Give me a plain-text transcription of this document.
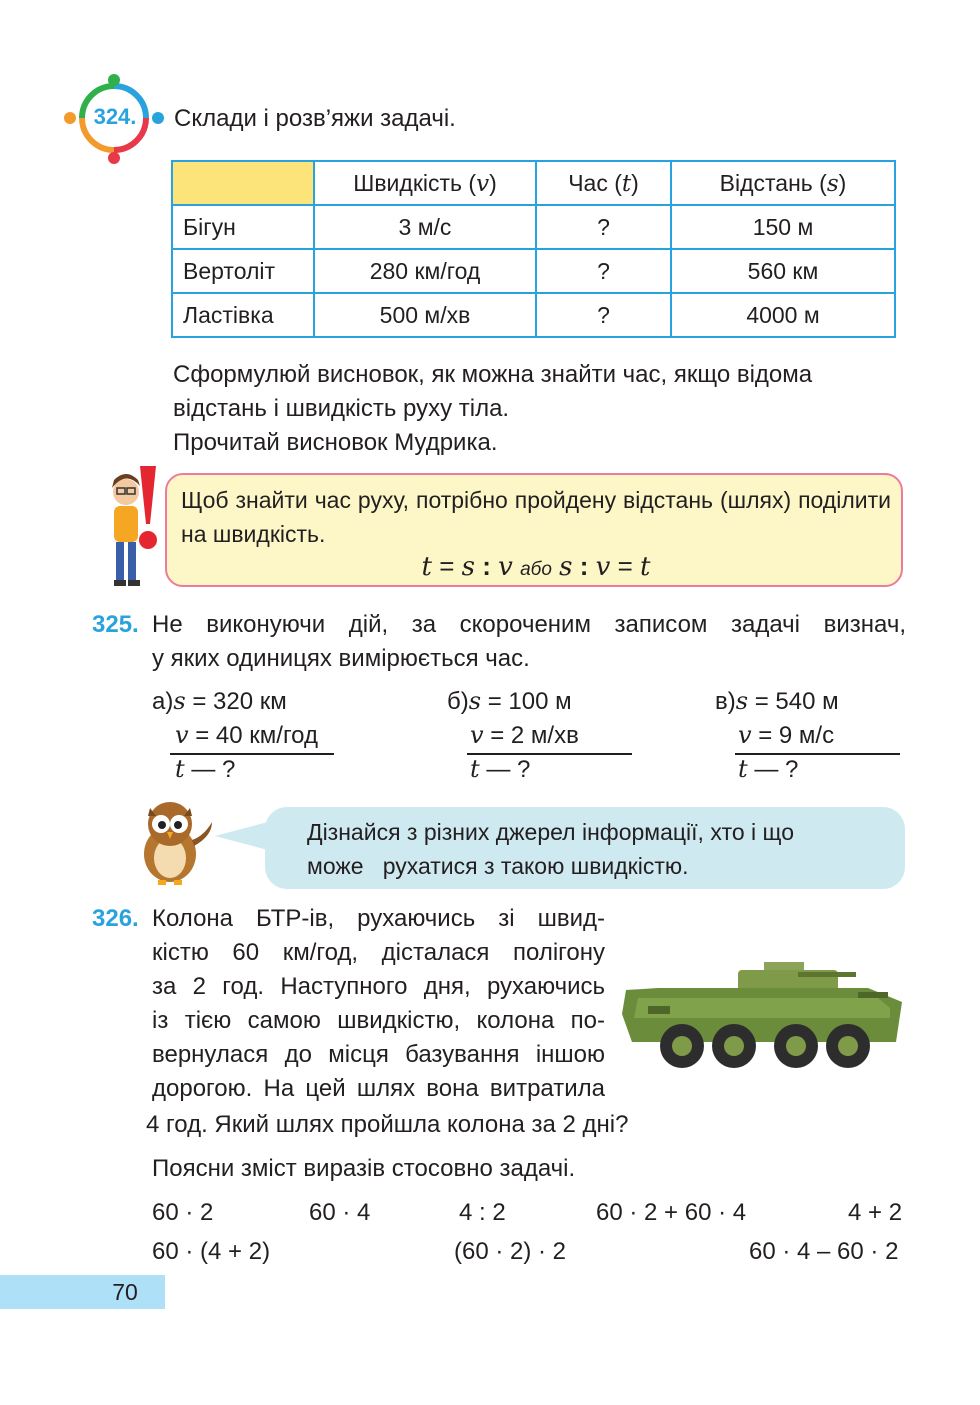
324.	Склади і розв’яжи задачі.
	Швидкість (v)	Час (t)	Відстань (s)
Бігун	3 м/с	?	150 м
Вертоліт	280 км/год	?	560 км
Ластівка	500 м/хв	?	4000 м
Сформулюй висновок, як можна знайти час, якщо відома
відстань і швидкість руху тіла.
Прочитай висновок Мудрика.
Щоб знайти час руху, потрібно пройдену відстань (шлях) поділити на швидкість.
t = s : v або s : v = t
325. Не виконуючи дій, за скороченим записом задачі визнач,
у яких одиницях вимірюється час.
а)s = 320 км
v = 40 км/год
t — ?
б)s = 100 м
v = 2 м/хв
t — ?
в)s = 540 м
v = 9 м/с
t — ?
Дізнайся з різних джерел інформації, хто і що
може   рухатися з такою швидкістю.
326. Колона БТР-ів, рухаючись зі швид-
кістю 60 км/год, дісталася полігону
за 2 год. Наступного дня, рухаючись
із тією самою швидкістю, колона по-
вернулася до місця базування іншою
дорогою. На цей шлях вона витратила
4 год. Який шлях пройшла колона за 2 дні?
Поясни зміст виразів стосовно задачі.
60 · 2	60 · 4	4 : 2	60 · 2 + 60 · 4	4 + 2
60 · (4 + 2)	(60 · 2) · 2	60 · 4 – 60 · 2
70
